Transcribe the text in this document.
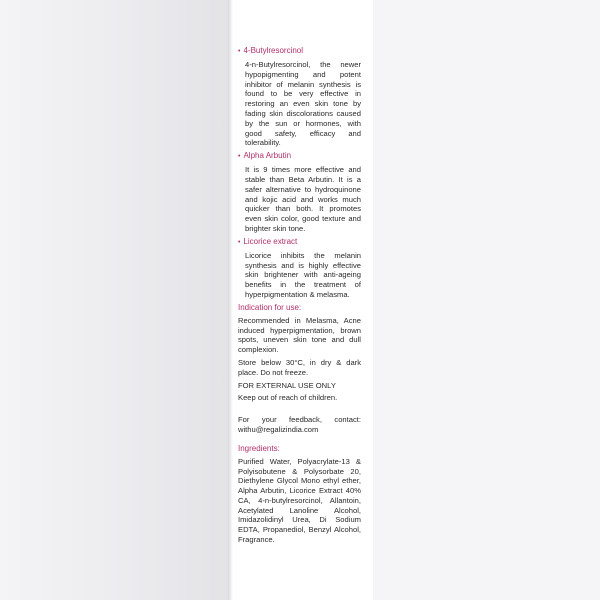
• 4-Butylresorcinol

4-n-Butylresorcinol, the newer hypopigmenting and potent inhibitor of melanin synthesis is found to be very effective in restoring an even skin tone by fading skin discolorations caused by the sun or hormones, with good safety, efficacy and tolerability.

• Alpha Arbutin

It is 9 times more effective and stable than Beta Arbutin. It is a safer alternative to hydroquinone and kojic acid and works much quicker than both. It promotes even skin color, good texture and brighter skin tone.

• Licorice extract

Licorice inhibits the melanin synthesis and is highly effective skin brightener with anti-ageing benefits in the treatment of hyperpigmentation & melasma.

Indication for use:

Recommended in Melasma, Acne induced hyperpigmentation, brown spots, uneven skin tone and dull complexion.

Store below 30°C, in dry & dark place. Do not freeze.

FOR EXTERNAL USE ONLY

Keep out of reach of children.

For your feedback, contact: withu@regalizindia.com

Ingredients:

Purified Water, Polyacrylate-13 & Polyisobutene & Polysorbate 20, Diethylene Glycol Mono ethyl ether, Alpha Arbutin, Licorice Extract 40% CA, 4-n-butylresorcinol, Allantoin, Acetylated Lanoline Alcohol, Imidazolidinyl Urea, Di Sodium EDTA, Propanediol, Benzyl Alcohol, Fragrance.
